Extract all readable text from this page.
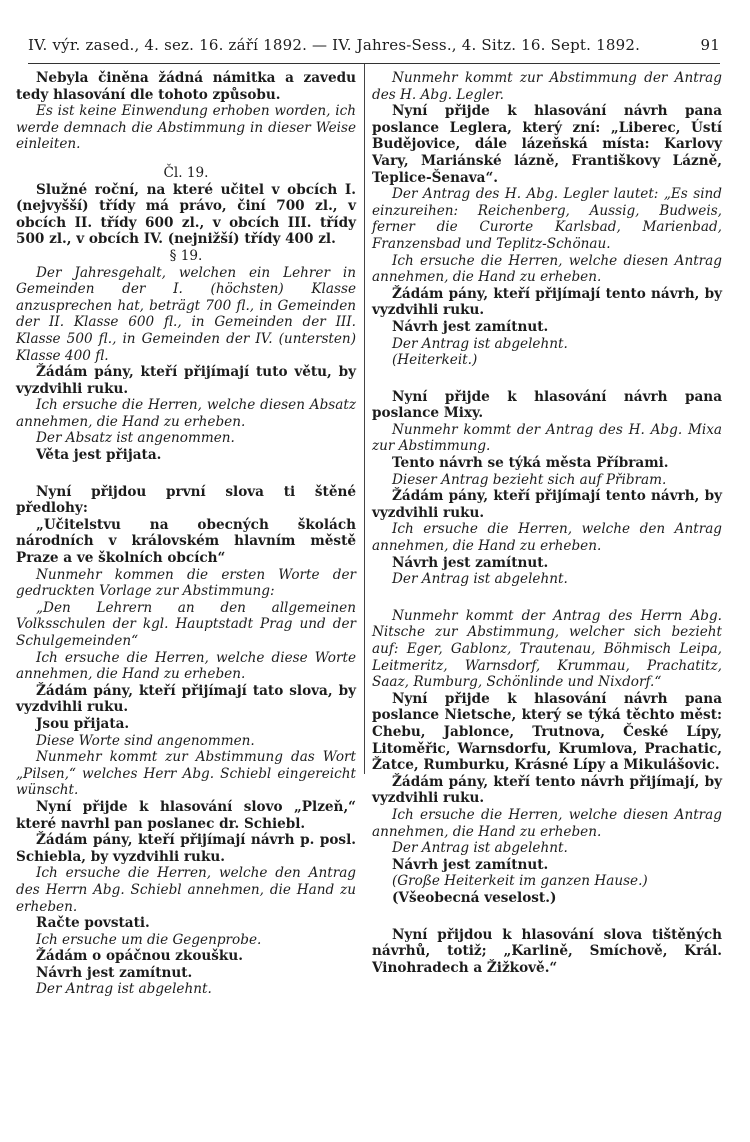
IV. výr. zased., 4. sez. 16. září 1892. — IV. Jahres-Sess., 4. Sitz. 16. Sept. 1892.	91
Nebyla činěna žádná námitka a zavedu tedy hlasování dle tohoto způsobu.
Es ist keine Einwendung erhoben worden, ich werde demnach die Abstimmung in dieser Weise einleiten.
Čl. 19.
Služné roční, na které učitel v obcích I. (nejvyšší) třídy má právo, činí 700 zl., v obcích II. třídy 600 zl., v obcích III. třídy 500 zl., v obcích IV. (nejnižší) třídy 400 zl.
§ 19.
Der Jahresgehalt, welchen ein Lehrer in Gemeinden der I. (höchsten) Klasse anzusprechen hat, beträgt 700 fl., in Gemeinden der II. Klasse 600 fl., in Gemeinden der III. Klasse 500 fl., in Gemeinden der IV. (untersten) Klasse 400 fl.
Žádám pány, kteří přijímají tuto větu, by vyzdvihli ruku.
Ich ersuche die Herren, welche diesen Absatz annehmen, die Hand zu erheben.
Der Absatz ist angenommen.
Věta jest přijata.
Nyní přijdou první slova ti štěné předlohy:
„Učitelstvu na obecných školách národních v královském hlavním městě Praze a ve školních obcích“
Nunmehr kommen die ersten Worte der gedruckten Vorlage zur Abstimmung:
„Den Lehrern an den allgemeinen Volksschulen der kgl. Hauptstadt Prag und der Schulgemeinden“
Ich ersuche die Herren, welche diese Worte annehmen, die Hand zu erheben.
Žádám pány, kteří přijímají tato slova, by vyzdvihli ruku.
Jsou přijata.
Diese Worte sind angenommen.
Nunmehr kommt zur Abstimmung das Wort „Pilsen,“ welches Herr Abg. Schiebl eingereicht wünscht.
Nyní přijde k hlasování slovo „Plzeň,“ které navrhl pan poslanec dr. Schiebl.
Žádám pány, kteří přijímají návrh p. posl. Schiebla, by vyzdvihli ruku.
Ich ersuche die Herren, welche den Antrag des Herrn Abg. Schiebl annehmen, die Hand zu erheben.
Račte povstati.
Ich ersuche um die Gegenprobe.
Žádám o opáčnou zkoušku.
Návrh jest zamítnut.
Der Antrag ist abgelehnt.
Nunmehr kommt zur Abstimmung der Antrag des H. Abg. Legler.
Nyní přijde k hlasování návrh pana poslance Leglera, který zní: „Liberec, Ústí Budějovice, dále lázeňská místa: Karlovy Vary, Mariánské lázně, Františkovy Lázně, Teplice-Šenava“.
Der Antrag des H. Abg. Legler lautet: „Es sind einzureihen: Reichenberg, Aussig, Budweis, ferner die Curorte Karlsbad, Marienbad, Franzensbad und Teplitz-Schönau.
Ich ersuche die Herren, welche diesen Antrag annehmen, die Hand zu erheben.
Žádám pány, kteří přijímají tento návrh, by vyzdvihli ruku.
Návrh jest zamítnut.
Der Antrag ist abgelehnt.
(Heiterkeit.)
Nyní přijde k hlasování návrh pana poslance Mixy.
Nunmehr kommt der Antrag des H. Abg. Mixa zur Abstimmung.
Tento návrh se týká města Příbrami.
Dieser Antrag bezieht sich auf Přibram.
Žádám pány, kteří přijímají tento návrh, by vyzdvihli ruku.
Ich ersuche die Herren, welche den Antrag annehmen, die Hand zu erheben.
Návrh jest zamítnut.
Der Antrag ist abgelehnt.
Nunmehr kommt der Antrag des Herrn Abg. Nitsche zur Abstimmung, welcher sich bezieht auf: Eger, Gablonz, Trautenau, Böhmisch Leipa, Leitmeritz, Warnsdorf, Krummau, Prachatitz, Saaz, Rumburg, Schönlinde und Nixdorf.“
Nyní přijde k hlasování návrh pana poslance Nietsche, který se týká těchto měst: Chebu, Jablonce, Trutnova, České Lípy, Litoměřic, Warnsdorfu, Krumlova, Prachatic, Žatce, Rumburku, Krásné Lípy a Mikulášovic.
Žádám pány, kteří tento návrh přijímají, by vyzdvihli ruku.
Ich ersuche die Herren, welche diesen Antrag annehmen, die Hand zu erheben.
Der Antrag ist abgelehnt.
Návrh jest zamítnut.
(Große Heiterkeit im ganzen Hause.)
(Všeobecná veselost.)
Nyní přijdou k hlasování slova tištěných návrhů, totiž; „Karlině, Smíchově, Král. Vinohradech a Žižkově.“
